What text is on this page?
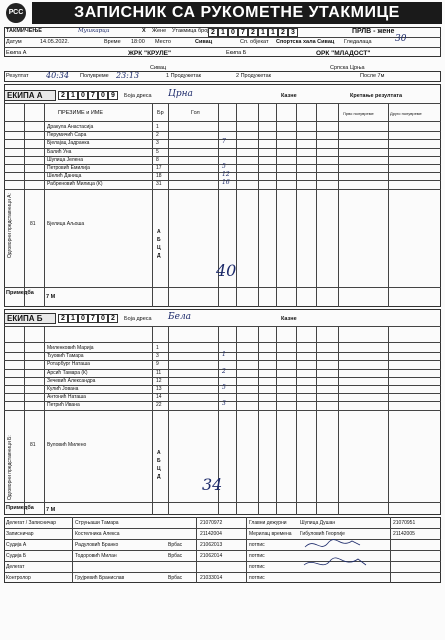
РСС	ЗАПИСНИК СА РУКОМЕТНЕ УТАКМИЦЕ
ТАКМИЧЕЊЕ	Мушкарци	X Жене Утакмица број 2 1 0 7 2 1 1 2 3	ПРЛВ - жене
Датум	14.05.2022.	Време 18:00 Место	Сивац	Сп. објекат Спортска хала Сивац Гледалаца	30
Екипа А	ЖРК "КРУЛЕ"	Екипа Б	ОРК "МЛАДОСТ"
Сивац	Српска Црња
Резултат 40:34 Полувреме 23:13	1 Продужетак	2 Продужетак	После 7м
ЕКИПА А	2 1 0 7 0 9	Боја дреса Црна	Казне	Кретање резултата
ПРЕЗИМЕ и ИМЕ	Бр	Гол	Прво полувреме	Друго полувреме
Дракула Анастасија	1
Перумичић Сара	2
Бјелајац Јадранка	3	7
Балић Уна	5
Шупица Јелена	8
Петровић Емилија	17	5
Шелић Даница	18	12
Рабреновић Милица (К)	31	16
Бјелица Аљоша
81
А
Б
Ц
Д
Одговорни представници А:
40
Примедба
7 M
ЕКИПА Б	2 1 0 7 0 2	Боја дреса Бела	Казне
Миленковић Марија	1
Ђуовић Тамара	3	1
Ротарбург Наташа	9
Арсић Тамара (К)	11	2
Зечевић Александра	12
Кулић Јована	13	5
Антонић Наташа	14
Петрић Ивана	22	3
Вуловић Милено
81
А
Б
Ц
Д
Одговорни представници Б:	34
Примедба 7 M
Делегат / Записничар	Струњаши Тамара	21070972	Главни дежурни	Шупица Душан	21070951
Записничар	Костелника Алекса	21142004	Мерилац времена Гибуловић Георгије	21142005
Судија А	Радуловић Бранко	Врбас	21062013	потпис
Судија Б	Тодоровић Милан	Врбас	21062014	потпис
Делегат	потпис
Контролор	Грујревић Бранислав	Врбас	21033014	потпис
